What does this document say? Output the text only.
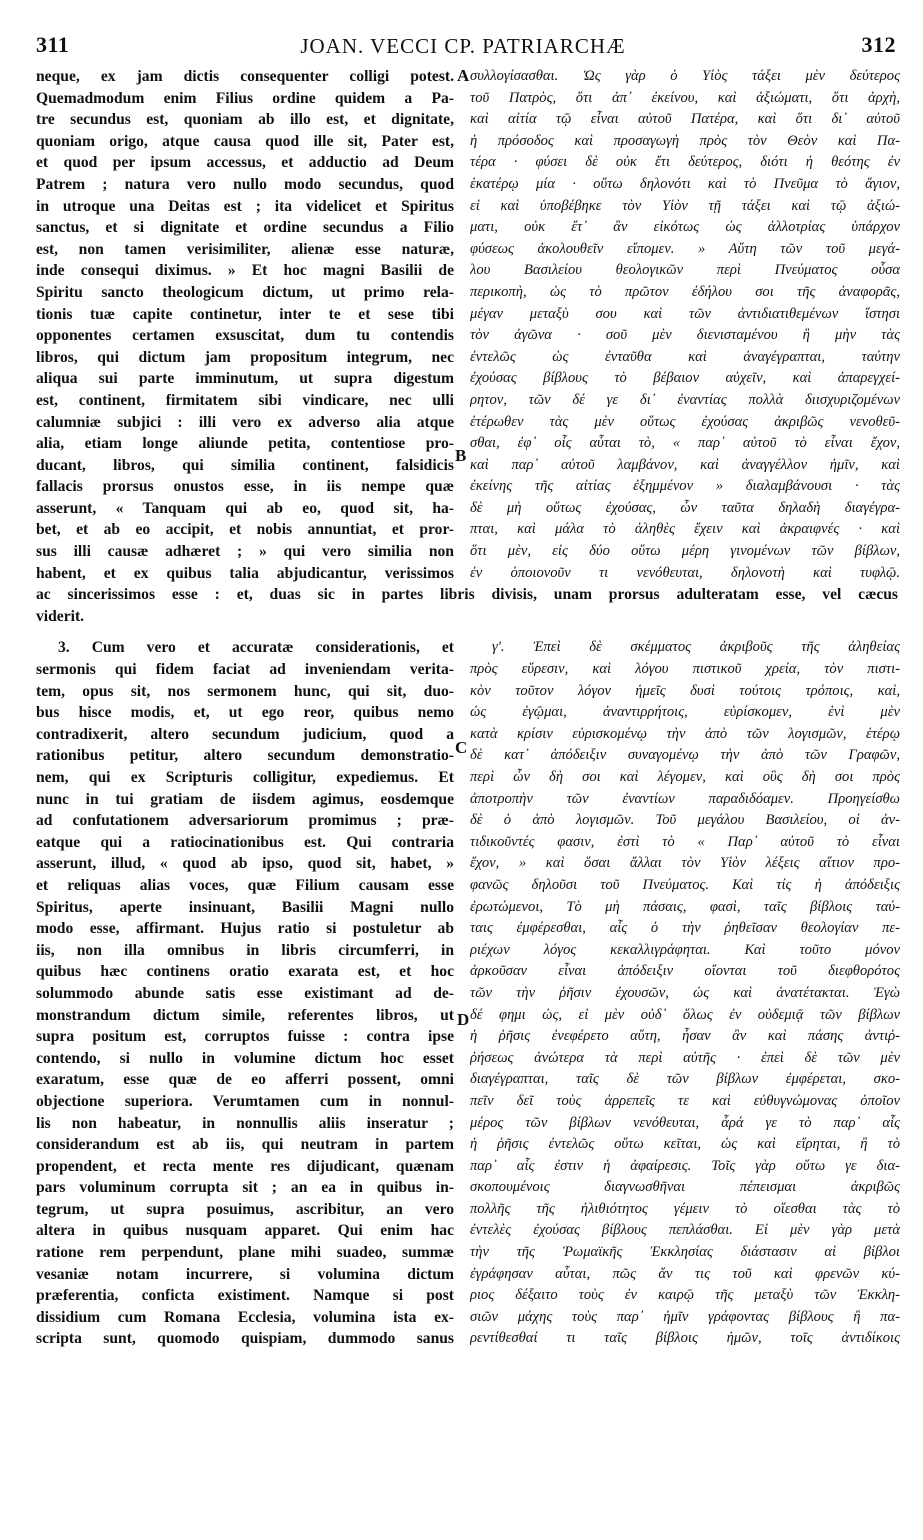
311	JOAN. VECCI CP. PATRIARCHÆ	312
A
B
C
D
neque, ex jam dictis consequenter colligi potest.
Quemadmodum enim Filius ordine quidem a Pa-
tre secundus est, quoniam ab illo est, et dignitate,
quoniam origo, atque causa quod ille sit, Pater est,
et quod per ipsum accessus, et adductio ad Deum
Patrem ; natura vero nullo modo secundus, quod
in utroque una Deitas est ; ita videlicet et Spiritus
sanctus, et si dignitate et ordine secundus a Filio
est, non tamen verisimiliter, alienæ esse naturæ,
inde consequi diximus. » Et hoc magni Basilii de
Spiritu sancto theologicum dictum, ut primo rela-
tionis tuæ capite continetur, inter te et sese tibi
opponentes certamen exsuscitat, dum tu contendis
libros, qui dictum jam propositum integrum, nec
aliqua sui parte imminutum, ut supra digestum
est, continent, firmitatem sibi vindicare, nec ulli
calumniæ subjici : illi vero ex adverso alia atque
alia, etiam longe aliunde petita, contentiose pro-
ducant, libros, qui similia continent, falsidicis
fallacis prorsus onustos esse, in iis nempe quæ
asserunt, « Tanquam qui ab eo, quod sit, ha-
bet, et ab eo accipit, et nobis annuntiat, et pror-
sus illi causæ adhæret ; » qui vero similia non
habent, et ex quibus talia abjudicantur, verissimos
ac sincerissimos esse : et, duas sic in partes libris divisis, unam prorsus adulteratam esse, vel cæcus
viderit.
3. Cum vero et accuratæ considerationis, et
sermonis qui fidem faciat ad inveniendam verita-
tem, opus sit, nos sermonem hunc, qui sit, duo-
bus hisce modis, et, ut ego reor, quibus nemo
contradixerit, altero secundum judicium, quod a
rationibus petitur, altero secundum demonstratio-
nem, qui ex Scripturis colligitur, expediemus. Et
nunc in tui gratiam de iisdem agimus, eosdemque
ad confutationem adversariorum promimus ; præ-
eatque qui a ratiocinationibus est. Qui contraria
asserunt, illud, « quod ab ipso, quod sit, habet, »
et reliquas alias voces, quæ Filium causam esse
Spiritus, aperte insinuant, Basilii Magni nullo
modo esse, affirmant. Hujus ratio si postuletur ab
iis, non illa omnibus in libris circumferri, in
quibus hæc continens oratio exarata est, et hoc
solummodo abunde satis esse existimant ad de-
monstrandum dictum simile, referentes libros, ut
supra positum est, corruptos fuisse : contra ipse
contendo, si nullo in volumine dictum hoc esset
exaratum, esse quæ de eo afferri possent, omni
objectione superiora. Verumtamen cum in nonnul-
lis non habeatur, in nonnullis aliis inseratur ;
considerandum est ab iis, qui neutram in partem
propendent, et recta mente res dijudicant, quænam
pars voluminum corrupta sit ; an ea in quibus in-
tegrum, ut supra posuimus, ascribitur, an vero
altera in quibus nusquam apparet. Qui enim hac
ratione rem perpendunt, plane mihi suadeo, summæ
vesaniæ notam incurrere, si volumina dictum
præferentia, conficta existiment. Namque si post
dissidium cum Romana Ecclesia, volumina ista ex-
scripta sunt, quomodo quispiam, dummodo sanus
συλλογίσασθαι. Ὡς γὰρ ὁ Υἱὸς τάξει μὲν δεύτερος
τοῦ Πατρὸς, ὅτι ἀπ᾽ ἐκείνου, καὶ ἀξιώματι, ὅτι ἀρχὴ,
καὶ αἰτία τῷ εἶναι αὐτοῦ Πατέρα, καὶ ὅτι δι᾽ αὐτοῦ
ἡ πρόσοδος καὶ προσαγωγὴ πρὸς τὸν Θεὸν καὶ Πα-
τέρα · φύσει δὲ οὐκ ἔτι δεύτερος, διότι ἡ θεότης ἐν
ἑκατέρῳ μία · οὕτω δηλονότι καὶ τὸ Πνεῦμα τὸ ἅγιον,
εἰ καὶ ὑποβέβηκε τὸν Υἱὸν τῇ τάξει καὶ τῷ ἀξιώ-
ματι, οὐκ ἔτ᾽ ἂν εἰκότως ὡς ἀλλοτρίας ὑπάρχον
φύσεως ἀκολουθεῖν εἴπομεν. » Αὕτη τῶν τοῦ μεγά-
λου Βασιλείου θεολογικῶν περὶ Πνεύματος οὖσα
περικοπὴ, ὡς τὸ πρῶτον ἐδήλου σοι τῆς ἀναφορᾶς,
μέγαν μεταξὺ σου καὶ τῶν ἀντιδιατιθεμένων ἵστησι
τὸν ἀγῶνα · σοῦ μὲν διενισταμένου ἢ μὴν τὰς
ἐντελῶς ὡς ἐνταῦθα καὶ ἀναγέγραπται, ταύτην
ἐχούσας βίβλους τὸ βέβαιον αὐχεῖν, καὶ ἀπαρεγχεί-
ρητον, τῶν δέ γε δι᾽ ἐναντίας πολλὰ διισχυριζομένων
ἑτέρωθεν τὰς μὲν οὕτως ἐχούσας ἀκριβῶς νενοθεῦ-
σθαι, ἐφ᾽ οἷς αὗται τὸ, « παρ᾽ αὐτοῦ τὸ εἶναι ἔχον,
καὶ παρ᾽ αὐτοῦ λαμβάνον, καὶ ἀναγγέλλον ἡμῖν, καὶ
ἐκείνης τῆς αἰτίας ἐξημμένον » διαλαμβάνουσι · τὰς
δὲ μὴ οὕτως ἐχούσας, ὧν ταῦτα δηλαδὴ διαγέγρα-
πται, καὶ μάλα τὸ ἀληθὲς ἔχειν καὶ ἀκραιφνές · καὶ
ὅτι μὲν, εἰς δύο οὕτω μέρη γινομένων τῶν βίβλων,
ἐν ὁποιονοῦν τι νενόθευται, δηλονοτὴ καὶ τυφλῷ.
γʹ. Ἐπεὶ δὲ σκέμματος ἀκριβοῦς τῆς ἀληθείας
πρὸς εὕρεσιν, καὶ λόγου πιστικοῦ χρεία, τὸν πιστι-
κὸν τοῦτον λόγον ἡμεῖς δυσὶ τούτοις τρόποις, καὶ,
ὡς ἐγῷμαι, ἀναντιρρήτοις, εὑρίσκομεν, ἑνὶ μὲν
κατὰ κρίσιν εὑρισκομένῳ τὴν ἀπὸ τῶν λογισμῶν, ἑτέρῳ
δὲ κατ᾽ ἀπόδειξιν συναγομένῳ τὴν ἀπὸ τῶν Γραφῶν,
περὶ ὧν δὴ σοι καὶ λέγομεν, καὶ οὓς δὴ σοι πρὸς
ἀποτροπὴν τῶν ἐναντίων παραδιδόαμεν. Προηγείσθω
δὲ ὁ ἀπὸ λογισμῶν. Τοῦ μεγάλου Βασιλείου, οἱ ἀν-
τιδικοῦντές φασιν, ἐστὶ τὸ « Παρ᾽ αὐτοῦ τὸ εἶναι
ἔχον, » καὶ ὅσαι ἄλλαι τὸν Υἱὸν λέξεις αἴτιον προ-
φανῶς δηλοῦσι τοῦ Πνεύματος. Καὶ τίς ἡ ἀπόδειξις
ἐρωτώμενοι, Τὸ μὴ πάσαις, φασὶ, ταῖς βίβλοις ταύ-
ταις ἐμφέρεσθαι, αἷς ὁ τὴν ῥηθεῖσαν θεολογίαν πε-
ριέχων λόγος κεκαλλιγράφηται. Καὶ τοῦτο μόνον
ἀρκοῦσαν εἶναι ἀπόδειξιν οἴονται τοῦ διεφθορότος
τῶν τὴν ῥῆσιν ἐχουσῶν, ὡς καὶ ἀνατέτακται. Ἐγὼ
δέ φημι ὡς, εἰ μὲν οὐδ᾽ ὅλως ἐν οὐδεμιᾷ τῶν βίβλων
ἡ ῥῆσις ἐνεφέρετο αὕτη, ἦσαν ἂν καὶ πάσης ἀντιῤ-
ῥήσεως ἀνώτερα τὰ περὶ αὐτῆς · ἐπεὶ δὲ τῶν μὲν
διαγέγραπται, ταῖς δὲ τῶν βίβλων ἐμφέρεται, σκο-
πεῖν δεῖ τοὺς ἀρρεπεῖς τε καὶ εὐθυγνώμονας ὁποῖον
μέρος τῶν βίβλων νενόθευται, ἆρά γε τὸ παρ᾽ αἷς
ἡ ῥῆσις ἐντελῶς οὕτω κεῖται, ὡς καὶ εἴρηται, ἢ τὸ
παρ᾽ αἷς ἐστιν ἡ ἀφαίρεσις. Τοῖς γὰρ οὕτω γε δια-
σκοπουμένοις διαγνωσθῆναι πέπεισμαι ἀκριβῶς
πολλῆς τῆς ἠλιθιότητος γέμειν τὸ οἴεσθαι τὰς τὸ
ἐντελὲς ἐχούσας βίβλους πεπλάσθαι. Εἰ μὲν γὰρ μετὰ
τὴν τῆς Ῥωμαϊκῆς Ἐκκλησίας διάστασιν αἱ βίβλοι
ἐγράφησαν αὗται, πῶς ἄν τις τοῦ καὶ φρενῶν κύ-
ριος δέξαιτο τοὺς ἐν καιρῷ τῆς μεταξὺ τῶν Ἐκκλη-
σιῶν μάχης τοὺς παρ᾽ ἡμῖν γράφοντας βίβλους ἢ πα-
ρεντίθεσθαί τι ταῖς βίβλοις ἡμῶν, τοῖς ἀντιδίκοις
